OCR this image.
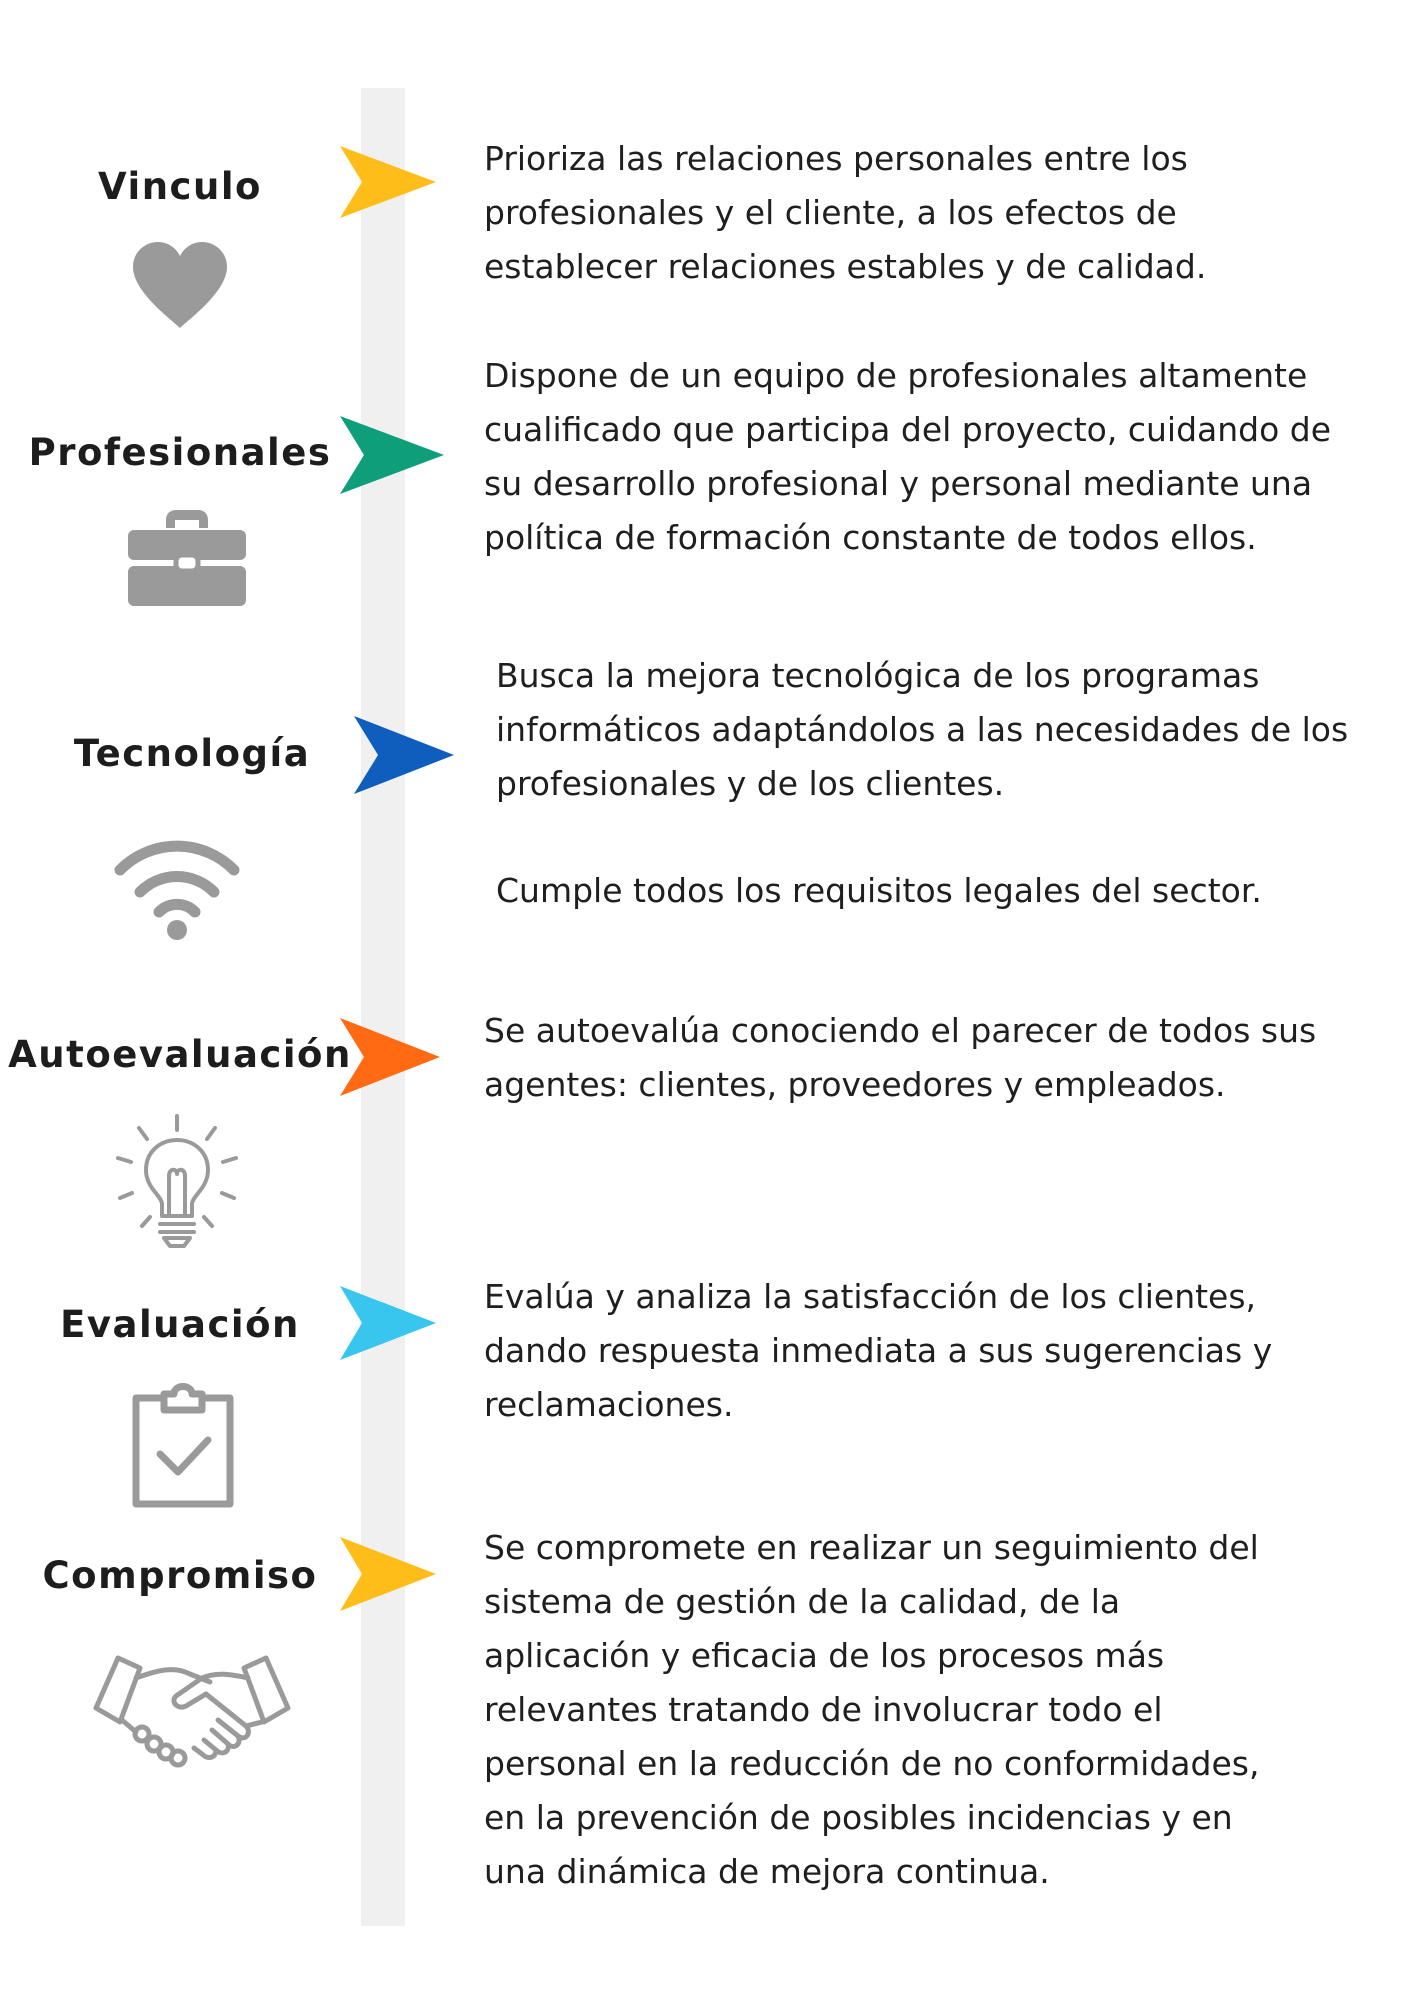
Vinculo

Prioriza las relaciones personales entre los

profesionales y el cliente, a los efectos de

establecer relaciones estables y de calidad.

Profesionales

Dispone de un equipo de profesionales altamente

cualificado que participa del proyecto, cuidando de

su desarrollo profesional y personal mediante una

política de formación constante de todos ellos.

Tecnología

Busca la mejora tecnológica de los programas

informáticos adaptándolos a las necesidades de los

profesionales y de los clientes.

Cumple todos los requisitos legales del sector.

Autoevaluación

Se autoevalúa conociendo el parecer de todos sus

agentes: clientes, proveedores y empleados.

Evaluación

Evalúa y analiza la satisfacción de los clientes,

dando respuesta inmediata a sus sugerencias y

reclamaciones.

Compromiso

Se compromete en realizar un seguimiento del

sistema de gestión de la calidad, de la

aplicación y eficacia de los procesos más

relevantes tratando de involucrar todo el

personal en la reducción de no conformidades,

en la prevención de posibles incidencias y en

una dinámica de mejora continua.
